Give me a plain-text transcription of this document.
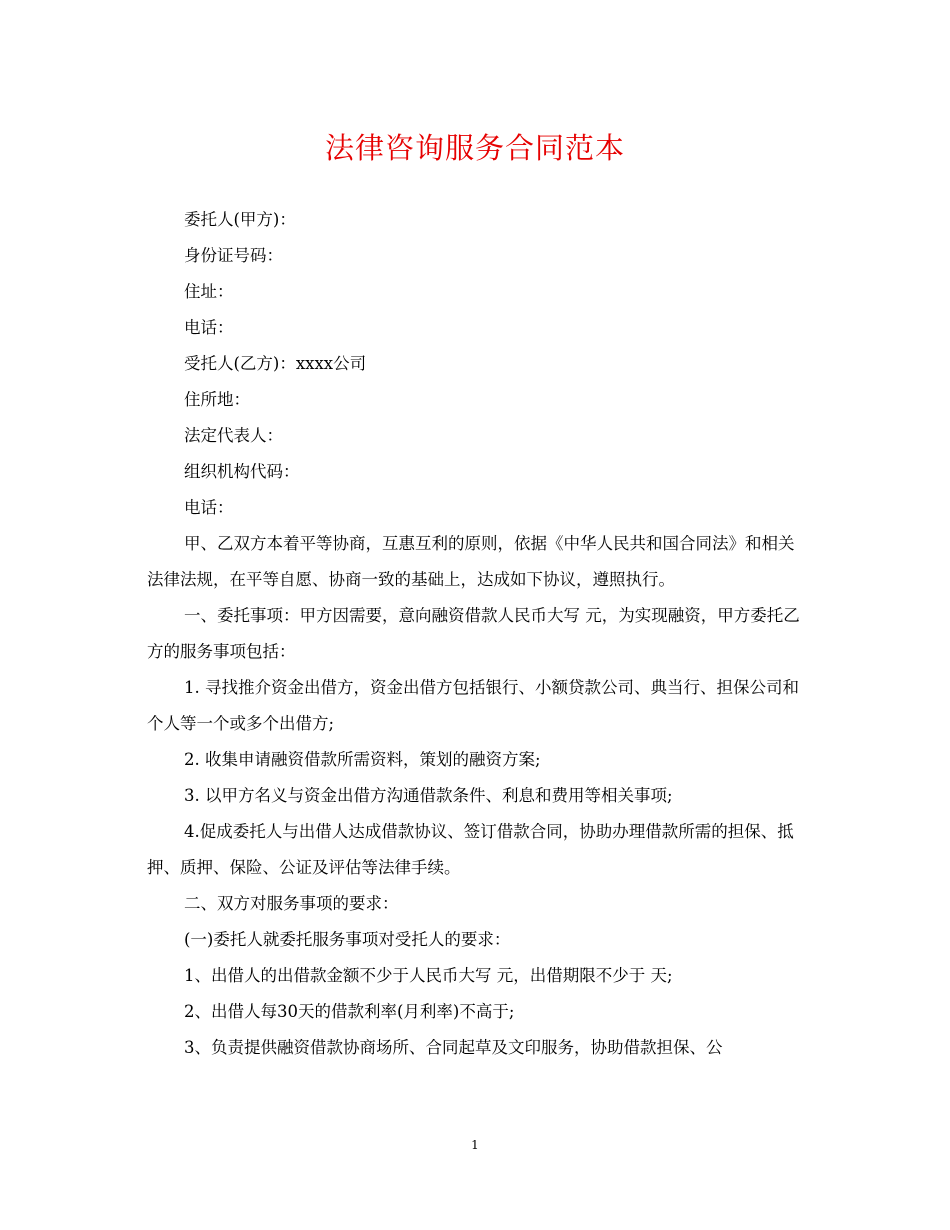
法律咨询服务合同范本

委托人(甲方)：

身份证号码：

住址：

电话：

受托人(乙方)：xxxx公司

住所地：

法定代表人：

组织机构代码：

电话：

甲、乙双方本着平等协商，互惠互利的原则，依据《中华人民共和国合同法》和相关法律法规，在平等自愿、协商一致的基础上，达成如下协议，遵照执行。

一、委托事项：甲方因需要，意向融资借款人民币大写 元，为实现融资，甲方委托乙方的服务事项包括：

1. 寻找推介资金出借方，资金出借方包括银行、小额贷款公司、典当行、担保公司和个人等一个或多个出借方;

2. 收集申请融资借款所需资料，策划的融资方案;

3. 以甲方名义与资金出借方沟通借款条件、利息和费用等相关事项;

4.促成委托人与出借人达成借款协议、签订借款合同，协助办理借款所需的担保、抵押、质押、保险、公证及评估等法律手续。

二、双方对服务事项的要求：

(一)委托人就委托服务事项对受托人的要求：

1、出借人的出借款金额不少于人民币大写 元，出借期限不少于 天;

2、出借人每30天的借款利率(月利率)不高于;

3、负责提供融资借款协商场所、合同起草及文印服务，协助借款担保、公

1
